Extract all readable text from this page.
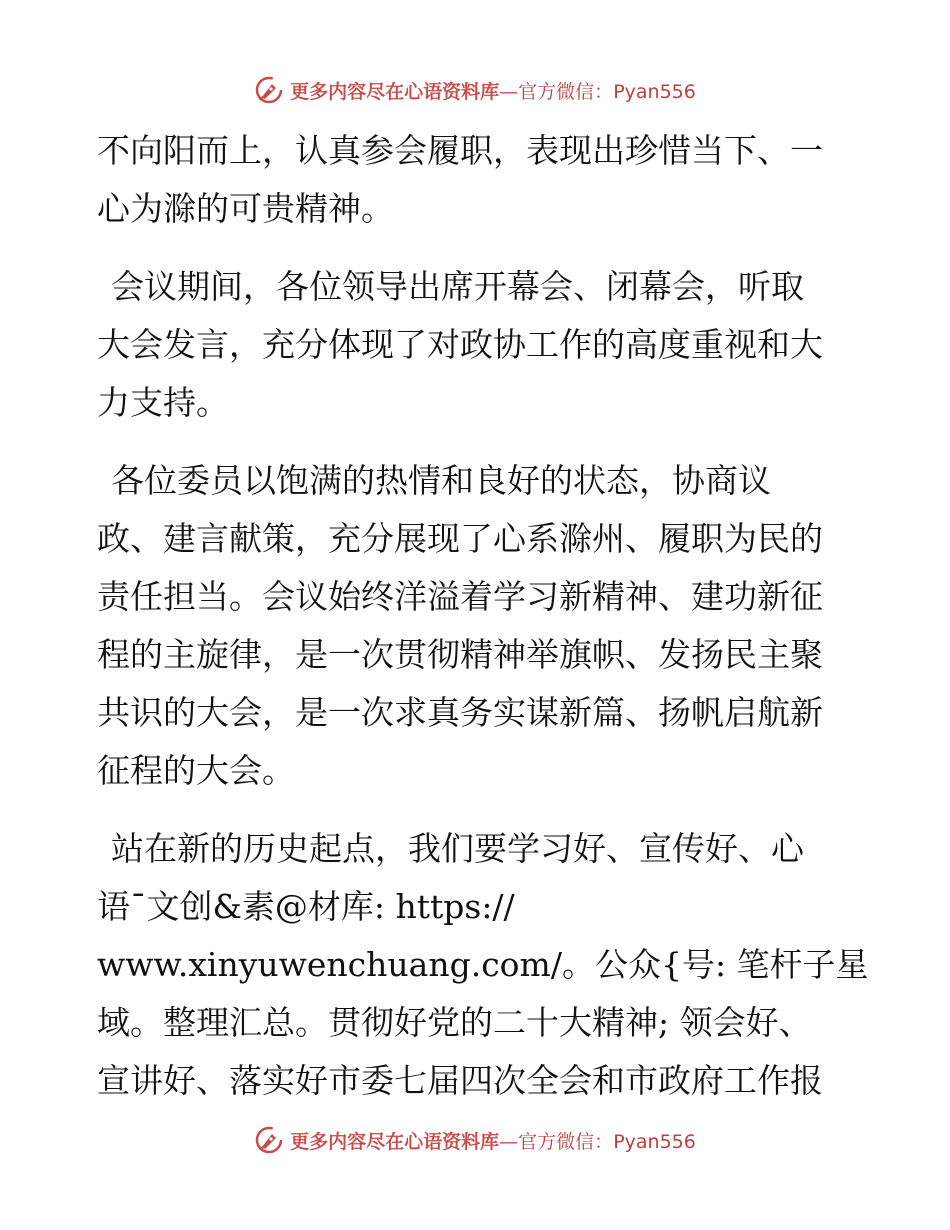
更多内容尽在心语资料库—官方微信：Pyan556
不向阳而上，认真参会履职，表现出珍惜当下、一
心为滁的可贵精神。
会议期间，各位领导出席开幕会、闭幕会，听取
大会发言，充分体现了对政协工作的高度重视和大
力支持。
各位委员以饱满的热情和良好的状态，协商议
政、建言献策，充分展现了心系滁州、履职为民的
责任担当。会议始终洋溢着学习新精神、建功新征
程的主旋律，是一次贯彻精神举旗帜、发扬民主聚
共识的大会，是一次求真务实谋新篇、扬帆启航新
征程的大会。
站在新的历史起点，我们要学习好、宣传好、心
语¯文创&素@材库: https://
www.xinyuwenchuang.com/。公众{号: 笔杆子星
域。整理汇总。贯彻好党的二十大精神; 领会好、
宣讲好、落实好市委七届四次全会和市政府工作报
更多内容尽在心语资料库—官方微信：Pyan556
